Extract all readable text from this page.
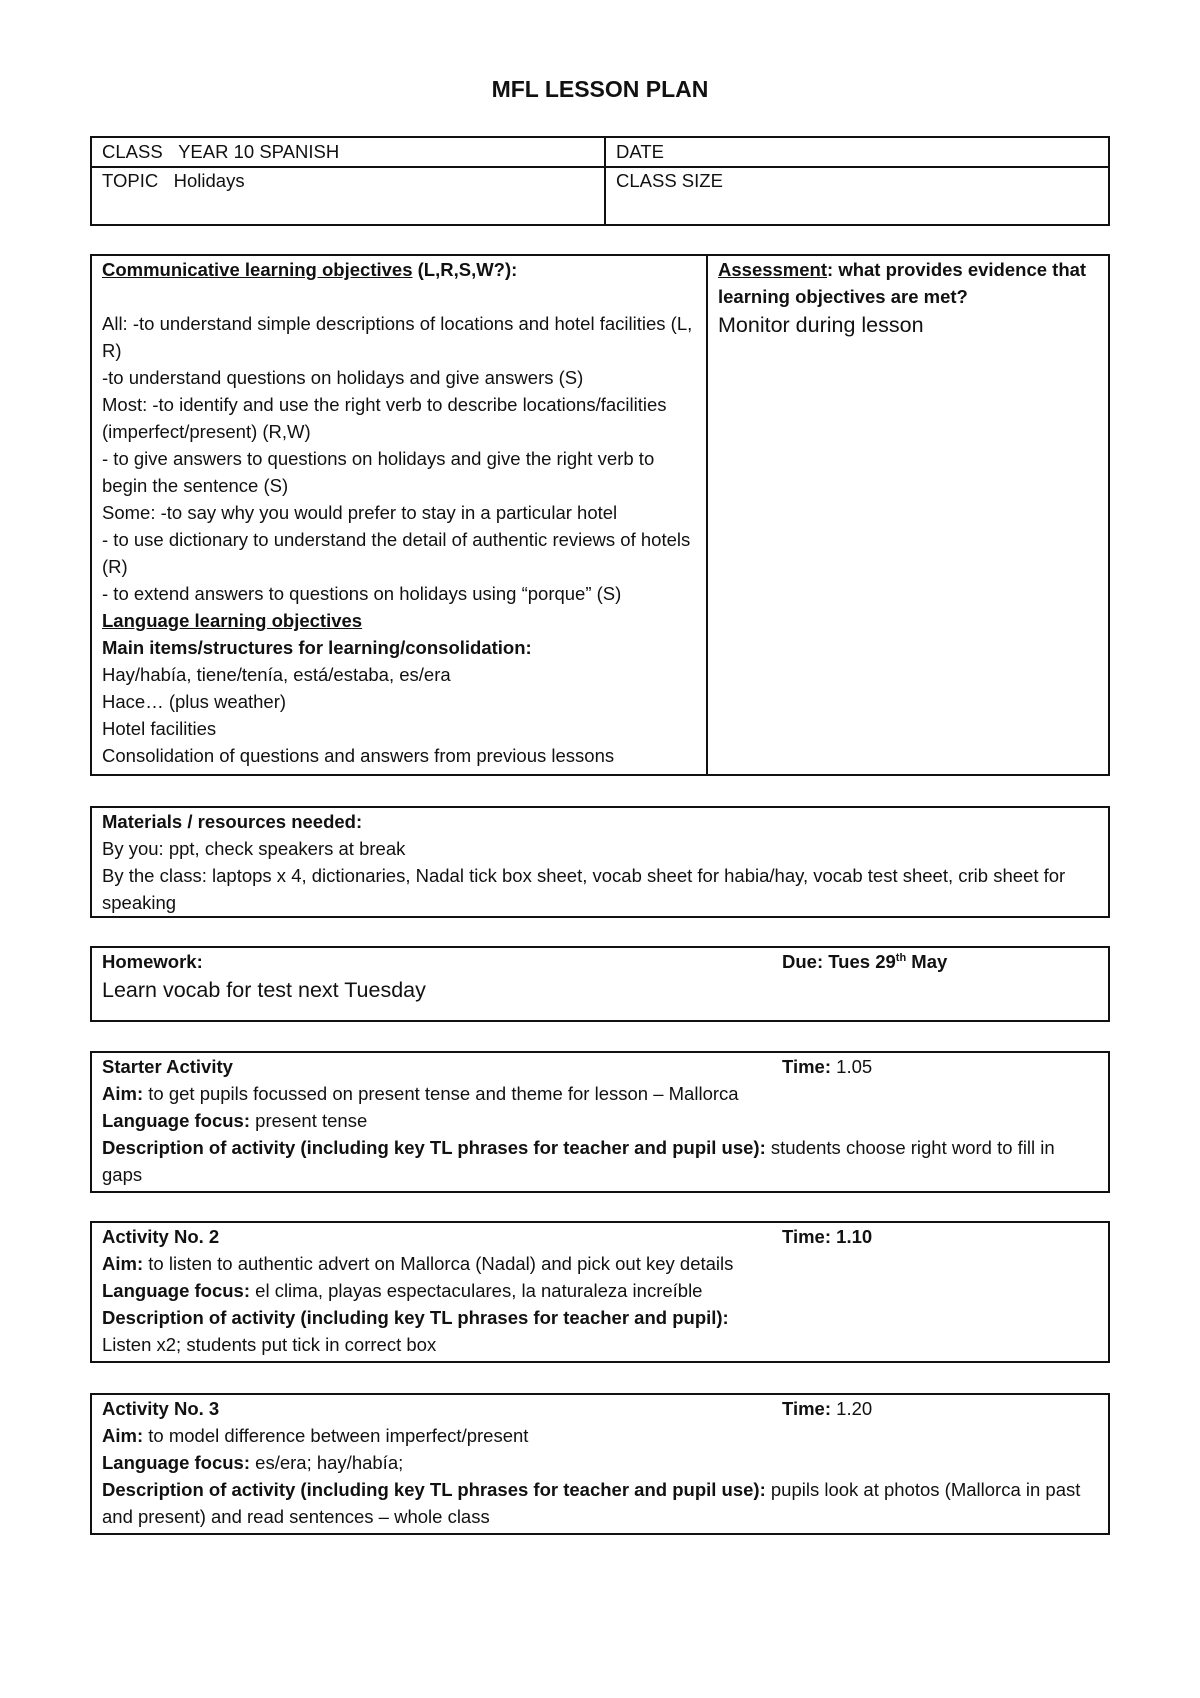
MFL LESSON PLAN
CLASS YEAR 10 SPANISH	DATE
TOPIC Holidays	CLASS SIZE

Communicative learning objectives (L,R,S,W?):

All: -to understand simple descriptions of locations and hotel facilities (L, R)

-to understand questions on holidays and give answers (S)

Most: -to identify and use the right verb to describe locations/facilities (imperfect/present) (R,W)

- to give answers to questions on holidays and give the right verb to begin the sentence (S)

Some: -to say why you would prefer to stay in a particular hotel

- to use dictionary to understand the detail of authentic reviews of hotels (R)

- to extend answers to questions on holidays using “porque” (S)

Language learning objectives

Main items/structures for learning/consolidation:

Hay/había, tiene/tenía, está/estaba, es/era

Hace… (plus weather)

Hotel facilities

Consolidation of questions and answers from previous lessons

Assessment: what provides evidence that learning objectives are met?

Monitor during lesson

Materials / resources needed:

By you: ppt, check speakers at break

By the class: laptops x 4, dictionaries, Nadal tick box sheet, vocab sheet for habia/hay, vocab test sheet, crib sheet for speaking

Homework:	Due: Tues 29th May

Learn vocab for test next Tuesday

Starter Activity	Time: 1.05

Aim: to get pupils focussed on present tense and theme for lesson – Mallorca

Language focus: present tense

Description of activity (including key TL phrases for teacher and pupil use): students choose right word to fill in gaps

Activity No. 2	Time: 1.10

Aim: to listen to authentic advert on Mallorca (Nadal) and pick out key details

Language focus: el clima, playas espectaculares, la naturaleza increíble

Description of activity (including key TL phrases for teacher and pupil):

Listen x2; students put tick in correct box

Activity No. 3	Time: 1.20

Aim: to model difference between imperfect/present

Language focus: es/era; hay/había;

Description of activity (including key TL phrases for teacher and pupil use): pupils look at photos (Mallorca in past and present) and read sentences – whole class
